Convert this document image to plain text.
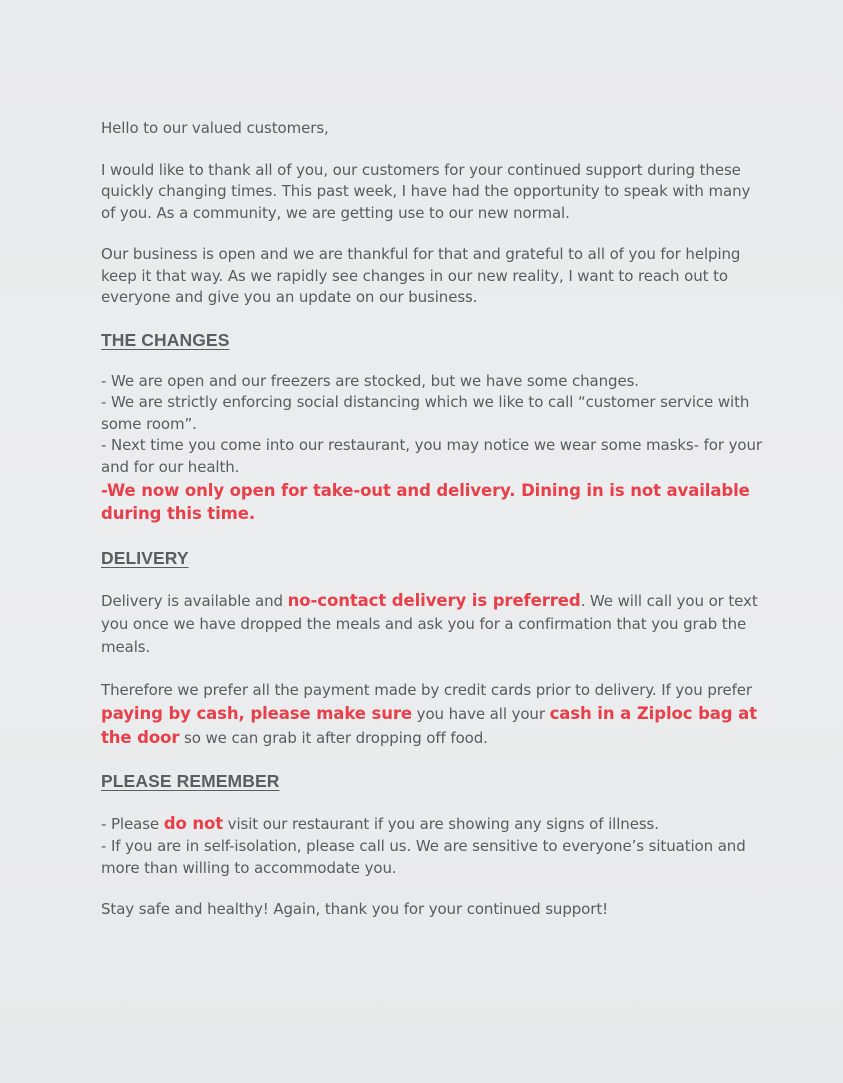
Hello to our valued customers,

I would like to thank all of you, our customers for your continued support during these quickly changing times. This past week, I have had the opportunity to speak with many of you. As a community, we are getting use to our new normal.

Our business is open and we are thankful for that and grateful to all of you for helping keep it that way. As we rapidly see changes in our new reality, I want to reach out to everyone and give you an update on our business.

THE CHANGES

- We are open and our freezers are stocked, but we have some changes.

- We are strictly enforcing social distancing which we like to call “customer service with some room”.

- Next time you come into our restaurant, you may notice we wear some masks- for your and for our health.

-We now only open for take-out and delivery. Dining in is not available during this time.

DELIVERY

Delivery is available and no-contact delivery is preferred. We will call you or text you once we have dropped the meals and ask you for a confirmation that you grab the meals.

Therefore we prefer all the payment made by credit cards prior to delivery. If you prefer paying by cash, please make sure you have all your cash in a Ziploc bag at the door so we can grab it after dropping off food.

PLEASE REMEMBER

- Please do not visit our restaurant if you are showing any signs of illness.

- If you are in self-isolation, please call us. We are sensitive to everyone’s situation and more than willing to accommodate you.

Stay safe and healthy! Again, thank you for your continued support!
